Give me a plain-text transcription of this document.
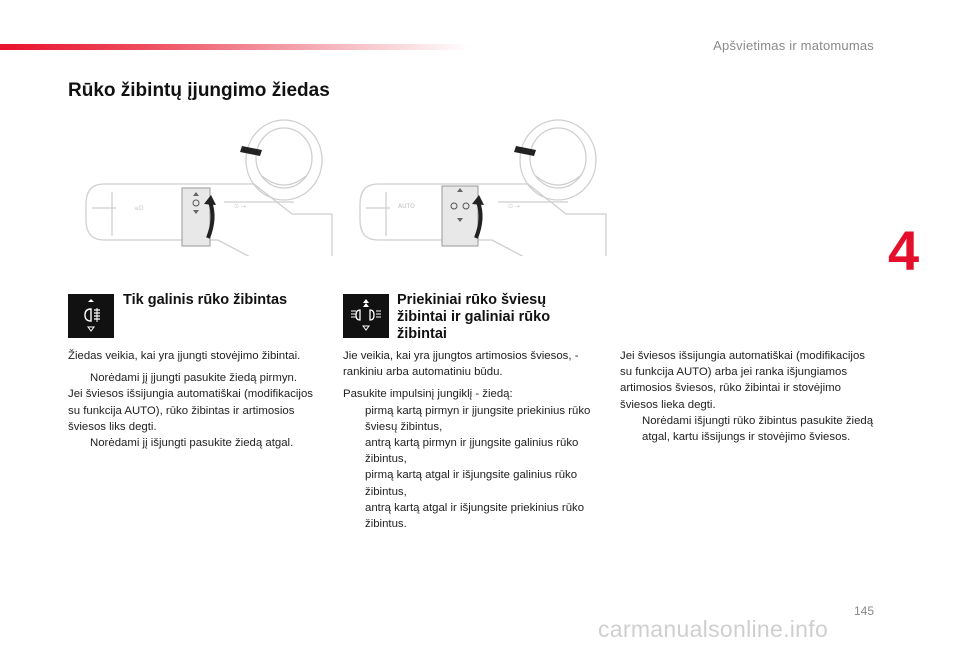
Apšvietimas ir matomumas
Rūko žibintų įjungimo žiedas
4
≡D	⊙ →	AUTO	⊙ →
Tik galinis rūko žibintas

Žiedas veikia, kai yra įjungti stovėjimo žibintai.

Norėdami jį įjungti pasukite žiedą pirmyn.
Jei šviesos išsijungia automatiškai (modifikacijos su funkcija AUTO), rūko žibintas ir artimosios šviesos liks degti.
Norėdami jį išjungti pasukite žiedą atgal.
Priekiniai rūko šviesų
žibintai ir galiniai rūko
žibintai

Jie veikia, kai yra įjungtos artimosios šviesos, - rankiniu arba automatiniu būdu.

Pasukite impulsinį jungiklį - žiedą:
pirmą kartą pirmyn ir įjungsite priekinius rūko šviesų žibintus,
antrą kartą pirmyn ir įjungsite galinius rūko žibintus,
pirmą kartą atgal ir išjungsite galinius rūko žibintus,
antrą kartą atgal ir išjungsite priekinius rūko žibintus.
Jei šviesos išsijungia automatiškai (modifikacijos su funkcija AUTO) arba jei ranka išjungiamos artimosios šviesos, rūko žibintai ir stovėjimo šviesos lieka degti.
Norėdami išjungti rūko žibintus pasukite žiedą atgal, kartu išsijungs ir stovėjimo šviesos.
145
carmanualsonline.info
